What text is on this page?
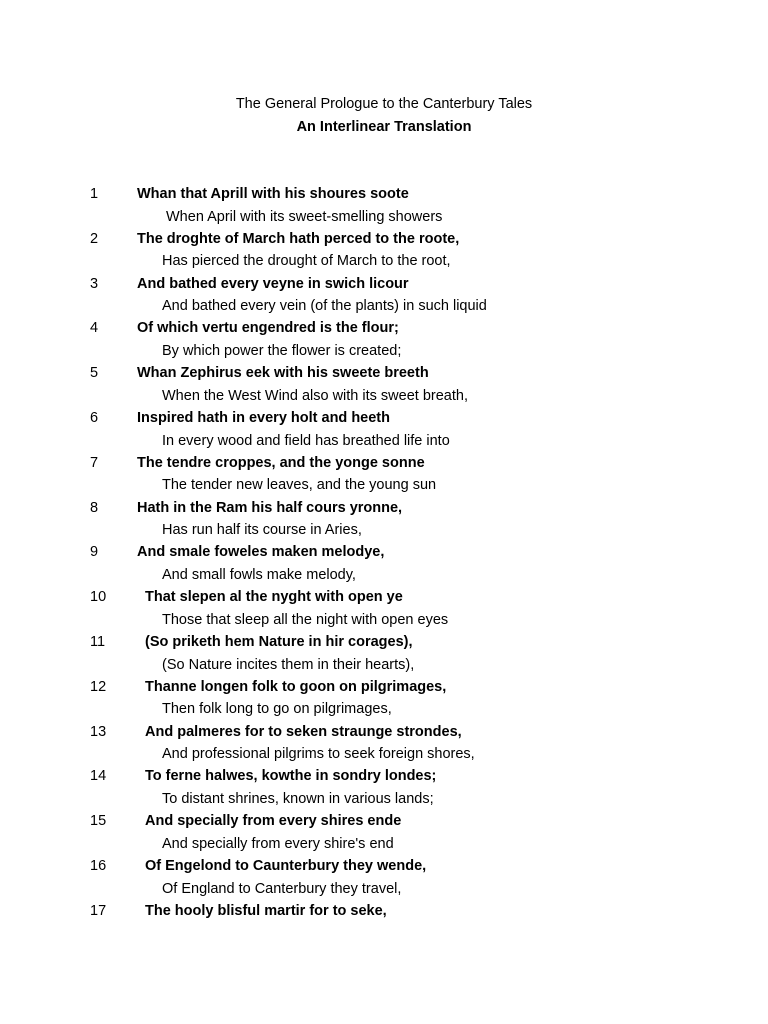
The General Prologue to the Canterbury Tales
An Interlinear Translation
1	Whan that Aprill with his shoures soote
When April with its sweet-smelling showers
2	The droghte of March hath perced to the roote,
Has pierced the drought of March to the root,
3	And bathed every veyne in swich licour
And bathed every vein (of the plants) in such liquid
4	Of which vertu engendred is the flour;
By which power the flower is created;
5	Whan Zephirus eek with his sweete breeth
When the West Wind also with its sweet breath,
6	Inspired hath in every holt and heeth
In every wood and field has breathed life into
7	The tendre croppes, and the yonge sonne
The tender new leaves, and the young sun
8	Hath in the Ram his half cours yronne,
Has run half its course in Aries,
9	And smale foweles maken melodye,
And small fowls make melody,
10	That slepen al the nyght with open ye
Those that sleep all the night with open eyes
11	(So priketh hem Nature in hir corages),
(So Nature incites them in their hearts),
12	Thanne longen folk to goon on pilgrimages,
Then folk long to go on pilgrimages,
13	And palmeres for to seken straunge strondes,
And professional pilgrims to seek foreign shores,
14	To ferne halwes, kowthe in sondry londes;
To distant shrines, known in various lands;
15	And specially from every shires ende
And specially from every shire's end
16	Of Engelond to Caunterbury they wende,
Of England to Canterbury they travel,
17	The hooly blisful martir for to seke,
